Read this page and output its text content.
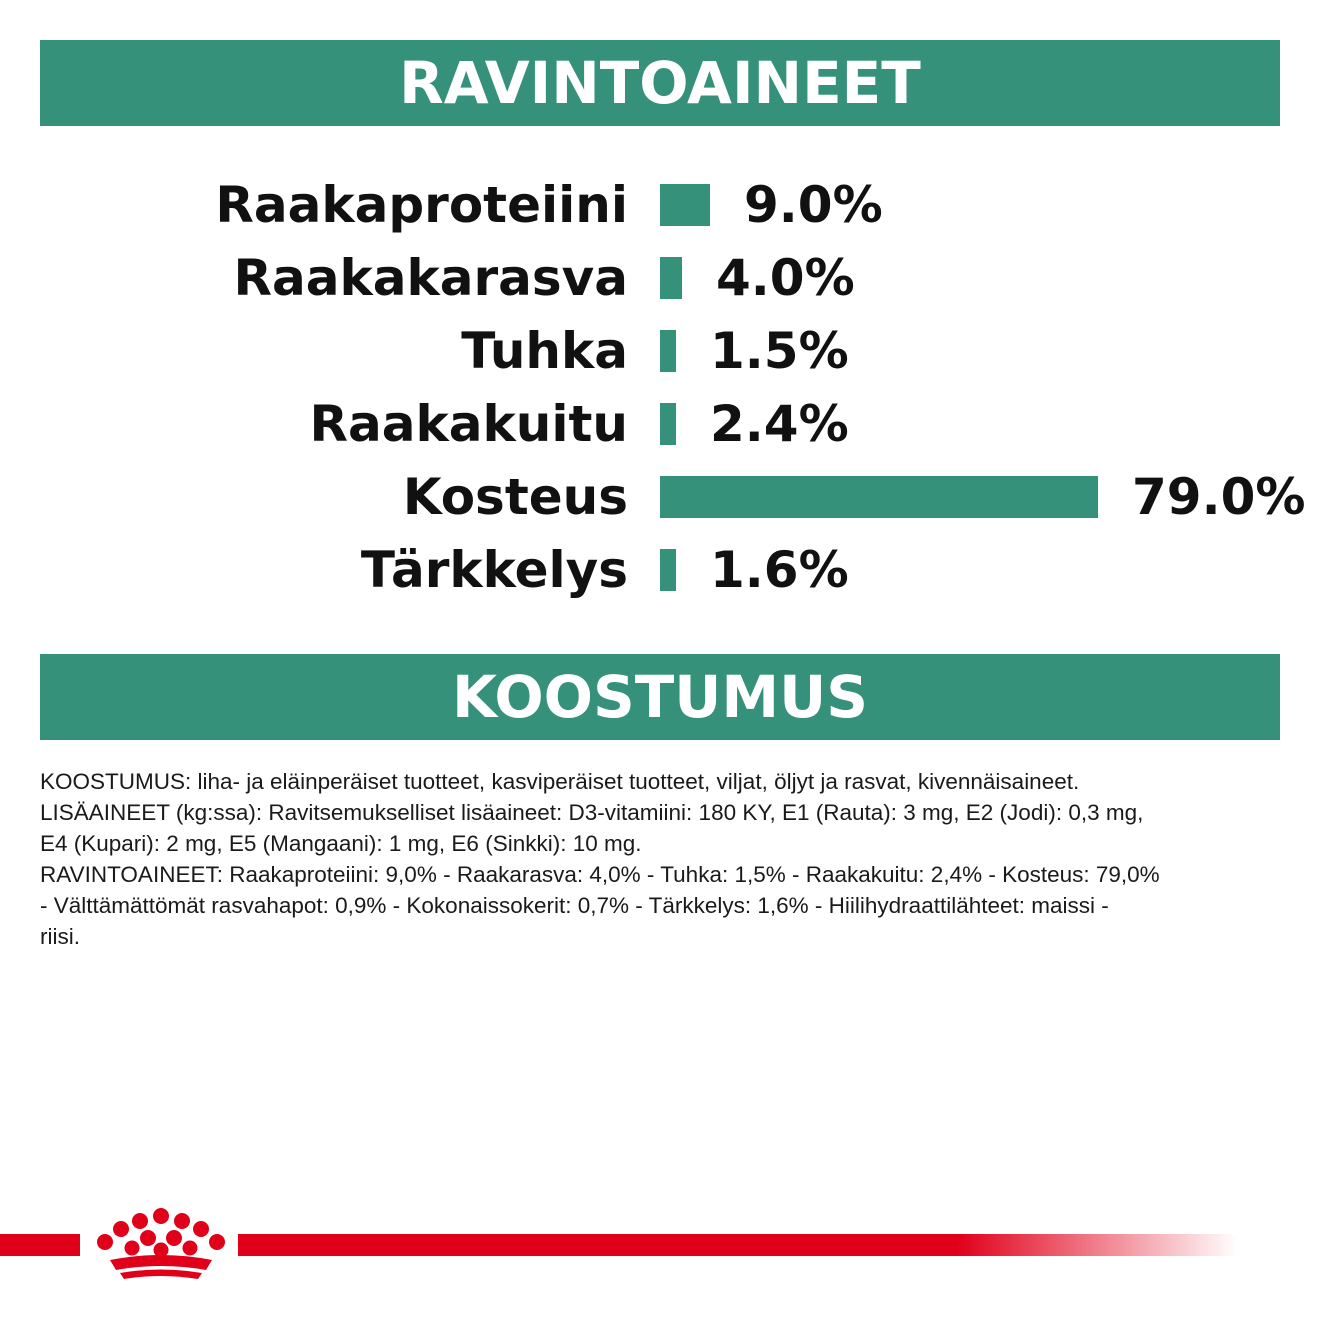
RAVINTOAINEET
Raakaproteiini 9.0%
Raakakarasva 4.0%
Tuhka 1.5%
Raakakuitu 2.4%
Kosteus	79.0%
Tärkkelys 1.6%
KOOSTUMUS

KOOSTUMUS: liha- ja eläinperäiset tuotteet, kasviperäiset tuotteet, viljat, öljyt ja rasvat, kivennäisaineet.

LISÄAINEET (kg:ssa): Ravitsemukselliset lisäaineet: D3-vitamiini: 180 KY, E1 (Rauta): 3 mg, E2 (Jodi): 0,3 mg,

E4 (Kupari): 2 mg, E5 (Mangaani): 1 mg, E6 (Sinkki): 10 mg.

RAVINTOAINEET: Raakaproteiini: 9,0% - Raakarasva: 4,0% - Tuhka: 1,5% - Raakakuitu: 2,4% - Kosteus: 79,0%

- Välttämättömät rasvahapot: 0,9% - Kokonaissokerit: 0,7% - Tärkkelys: 1,6% - Hiilihydraattilähteet: maissi -

riisi.
